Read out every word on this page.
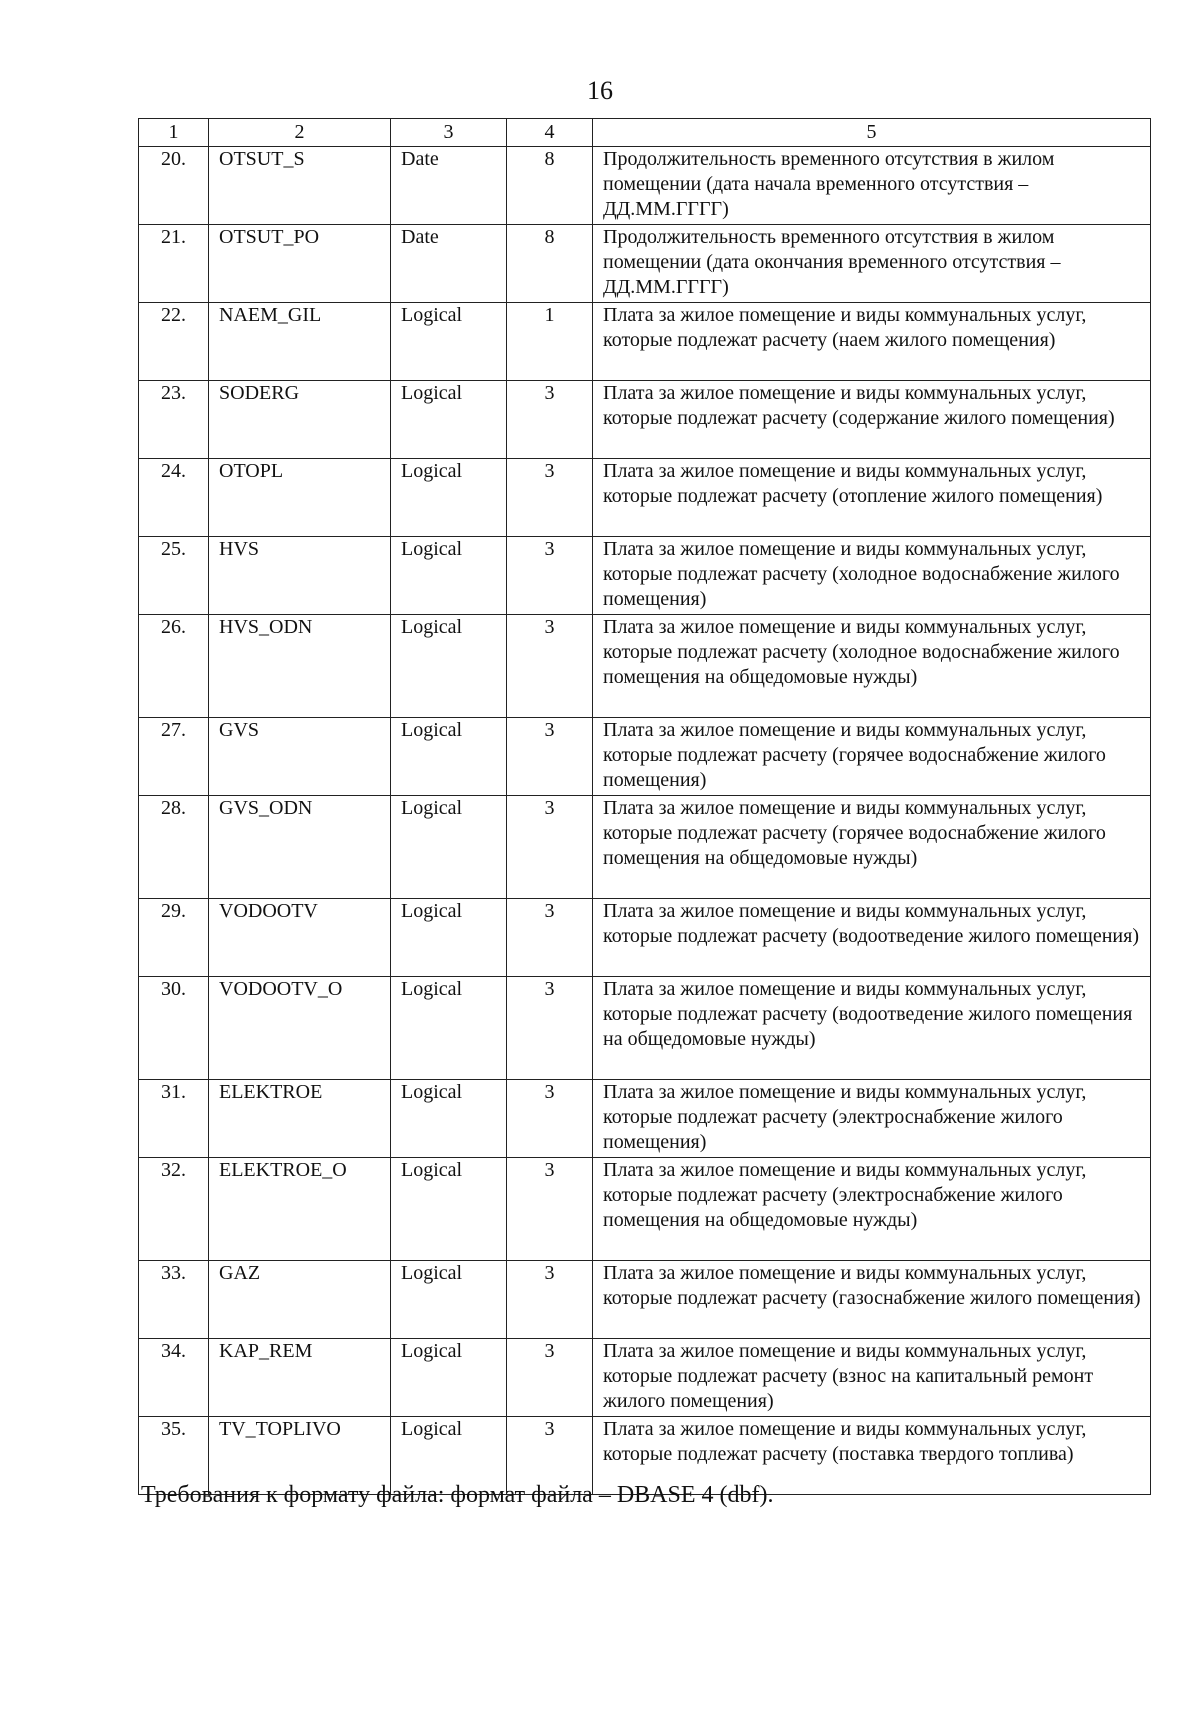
16
1	2	3	4	5
20.	OTSUT_S	Date	8	Продолжительность временного отсутствия в жилом помещении (дата начала временного отсутствия – ДД.ММ.ГГГГ)
21.	OTSUT_PO	Date	8	Продолжительность временного отсутствия в жилом помещении (дата окончания временного отсутствия – ДД.ММ.ГГГГ)
22.	NAEM_GIL	Logical	1	Плата за жилое помещение и виды коммунальных услуг, которые подлежат расчету (наем жилого помещения)
23.	SODERG	Logical	3	Плата за жилое помещение и виды коммунальных услуг, которые подлежат расчету (содержание жилого помещения)
24.	OTOPL	Logical	3	Плата за жилое помещение и виды коммунальных услуг, которые подлежат расчету (отопление жилого помещения)
25.	HVS	Logical	3	Плата за жилое помещение и виды коммунальных услуг, которые подлежат расчету (холодное водоснабжение жилого помещения)
26.	HVS_ODN	Logical	3	Плата за жилое помещение и виды коммунальных услуг, которые подлежат расчету (холодное водоснабжение жилого помещения на общедомовые нужды)
27.	GVS	Logical	3	Плата за жилое помещение и виды коммунальных услуг, которые подлежат расчету (горячее водоснабжение жилого помещения)
28.	GVS_ODN	Logical	3	Плата за жилое помещение и виды коммунальных услуг, которые подлежат расчету (горячее водоснабжение жилого помещения на общедомовые нужды)
29.	VODOOTV	Logical	3	Плата за жилое помещение и виды коммунальных услуг, которые подлежат расчету (водоотведение жилого помещения)
30.	VODOOTV_O	Logical	3	Плата за жилое помещение и виды коммунальных услуг, которые подлежат расчету (водоотведение жилого помещения на общедомовые нужды)
31.	ELEKTROE	Logical	3	Плата за жилое помещение и виды коммунальных услуг, которые подлежат расчету (электроснабжение жилого помещения)
32.	ELEKTROE_O	Logical	3	Плата за жилое помещение и виды коммунальных услуг, которые подлежат расчету (электроснабжение жилого помещения на общедомовые нужды)
33.	GAZ	Logical	3	Плата за жилое помещение и виды коммунальных услуг, которые подлежат расчету (газоснабжение жилого помещения)
34.	KAP_REM	Logical	3	Плата за жилое помещение и виды коммунальных услуг, которые подлежат расчету (взнос на капитальный ремонт жилого помещения)
35.	TV_TOPLIVO	Logical	3	Плата за жилое помещение и виды коммунальных услуг, которые подлежат расчету (поставка твердого топлива)
Требования к формату файла: формат файла – DBASE 4 (dbf).
